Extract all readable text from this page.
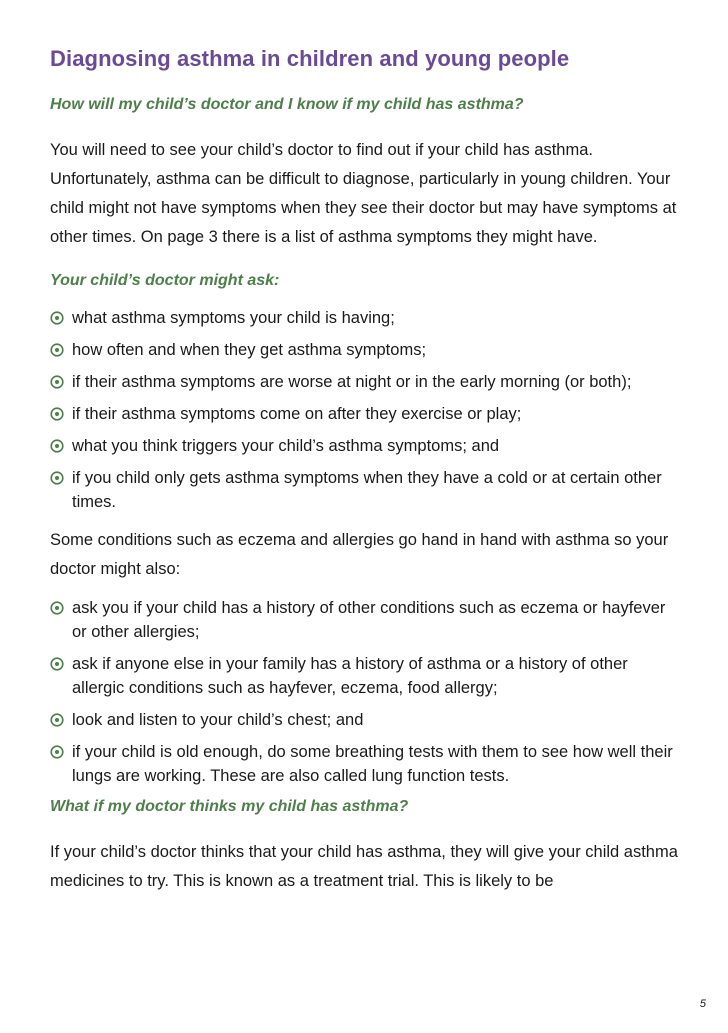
Diagnosing asthma in children and young people

How will my child’s doctor and I know if my child has asthma?

You will need to see your child’s doctor to find out if your child has asthma. Unfortunately, asthma can be difficult to diagnose, particularly in young children. Your child might not have symptoms when they see their doctor but may have symptoms at other times. On page 3 there is a list of asthma symptoms they might have.

Your child’s doctor might ask:

what asthma symptoms your child is having;
how often and when they get asthma symptoms;
if their asthma symptoms are worse at night or in the early morning (or both);
if their asthma symptoms come on after they exercise or play;
what you think triggers your child’s asthma symptoms; and
if you child only gets asthma symptoms when they have a cold or at certain other times.

Some conditions such as eczema and allergies go hand in hand with asthma so your doctor might also:

ask you if your child has a history of other conditions such as eczema or hayfever or other allergies;
ask if anyone else in your family has a history of asthma or a history of other allergic conditions such as hayfever, eczema, food allergy;
look and listen to your child’s chest; and
if your child is old enough, do some breathing tests with them to see how well their lungs are working. These are also called lung function tests.

What if my doctor thinks my child has asthma?

If your child’s doctor thinks that your child has asthma, they will give your child asthma medicines to try. This is known as a treatment trial. This is likely to be

5
